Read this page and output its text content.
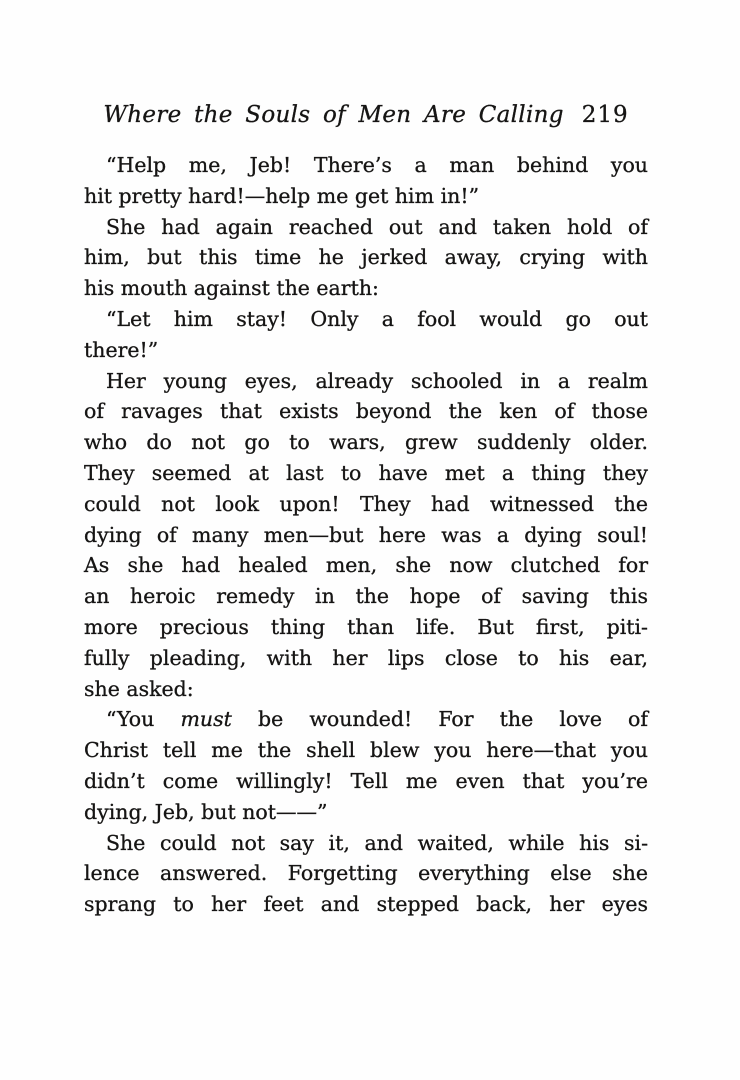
Where the Souls of Men Are Calling 219
“Help me, Jeb! There’s a man behind you
hit pretty hard!—help me get him in!”
She had again reached out and taken hold of
him, but this time he jerked away, crying with
his mouth against the earth:
“Let him stay! Only a fool would go out
there!”
Her young eyes, already schooled in a realm
of ravages that exists beyond the ken of those
who do not go to wars, grew suddenly older.
They seemed at last to have met a thing they
could not look upon! They had witnessed the
dying of many men—but here was a dying soul!
As she had healed men, she now clutched for
an heroic remedy in the hope of saving this
more precious thing than life. But first, piti-
fully pleading, with her lips close to his ear,
she asked:
“You must be wounded! For the love of
Christ tell me the shell blew you here—that you
didn’t come willingly! Tell me even that you’re
dying, Jeb, but not——”
She could not say it, and waited, while his si-
lence answered. Forgetting everything else she
sprang to her feet and stepped back, her eyes
